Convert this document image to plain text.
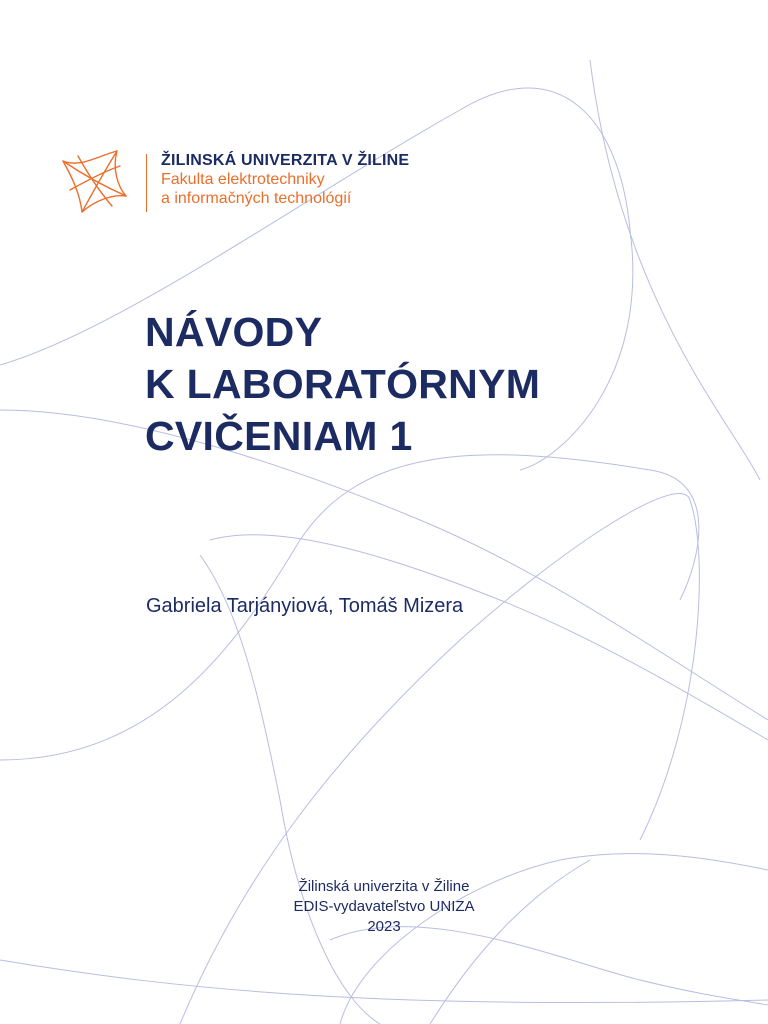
ŽILINSKÁ UNIVERZITA V ŽILINE
Fakulta elektrotechniky
a informačných technológií
NÁVODY
K LABORATÓRNYM
CVIČENIAM 1
Gabriela Tarjányiová, Tomáš Mizera
Žilinská univerzita v Žiline
EDIS-vydavateľstvo UNIZA
2023
